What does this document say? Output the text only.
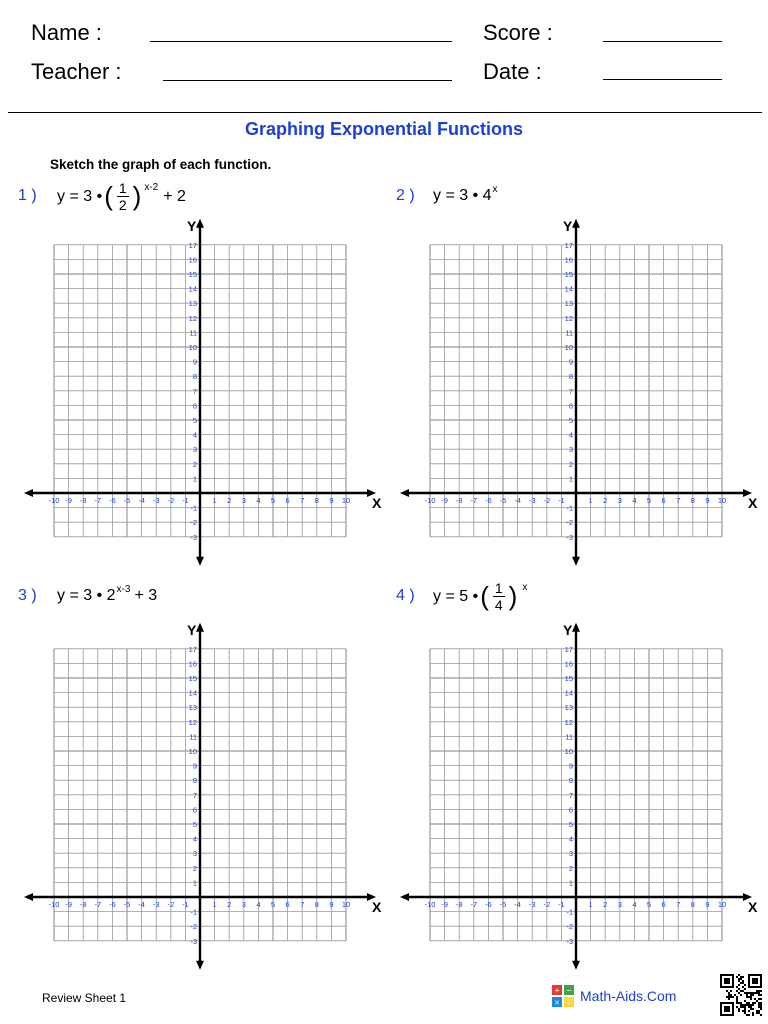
Name :
Teacher :
Score :
Date :
Graphing Exponential Functions
Sketch the graph of each function.
1 ) y = 3 • ( $\frac{1}{2}$ ) $^{x-2}$ + 2	2 ) y = 3 • 4$^x$
3 ) y = 3 • $2^{x-3} + 3$	4 ) y = 5 • ( $\frac{1}{4}$ ) $^x$
X
Y
-10 -9 -8 -7 -6 -5 -4 -3 -2 -1	1 2 3 4 5 6 7 8 9 10
17
16
15
14
13
12
11
10
9
8
7
6
5
4
3
2
1
-1
-2
-3
X
Y
-10 -9 -8 -7 -6 -5 -4 -3 -2 -1	1 2 3 4 5 6 7 8 9 10
17
16
15
14
13
12
11
10
9
8
7
6
5
4
3
2
1
-1
-2
-3
X
Y
-10 -9 -8 -7 -6 -5 -4 -3 -2 -1	1 2 3 4 5 6 7 8 9 10
17
16
15
14
13
12
11
10
9
8
7
6
5
4
3
2
1
-1
-2
-3
X
Y
-10 -9 -8 -7 -6 -5 -4 -3 -2 -1	1 2 3 4 5 6 7 8 9 10
17
16
15
14
13
12
11
10
9
8
7
6
5
4
3
2
1
-1
-2
-3
Review Sheet 1
+ −
× ÷ Math-Aids.Com
